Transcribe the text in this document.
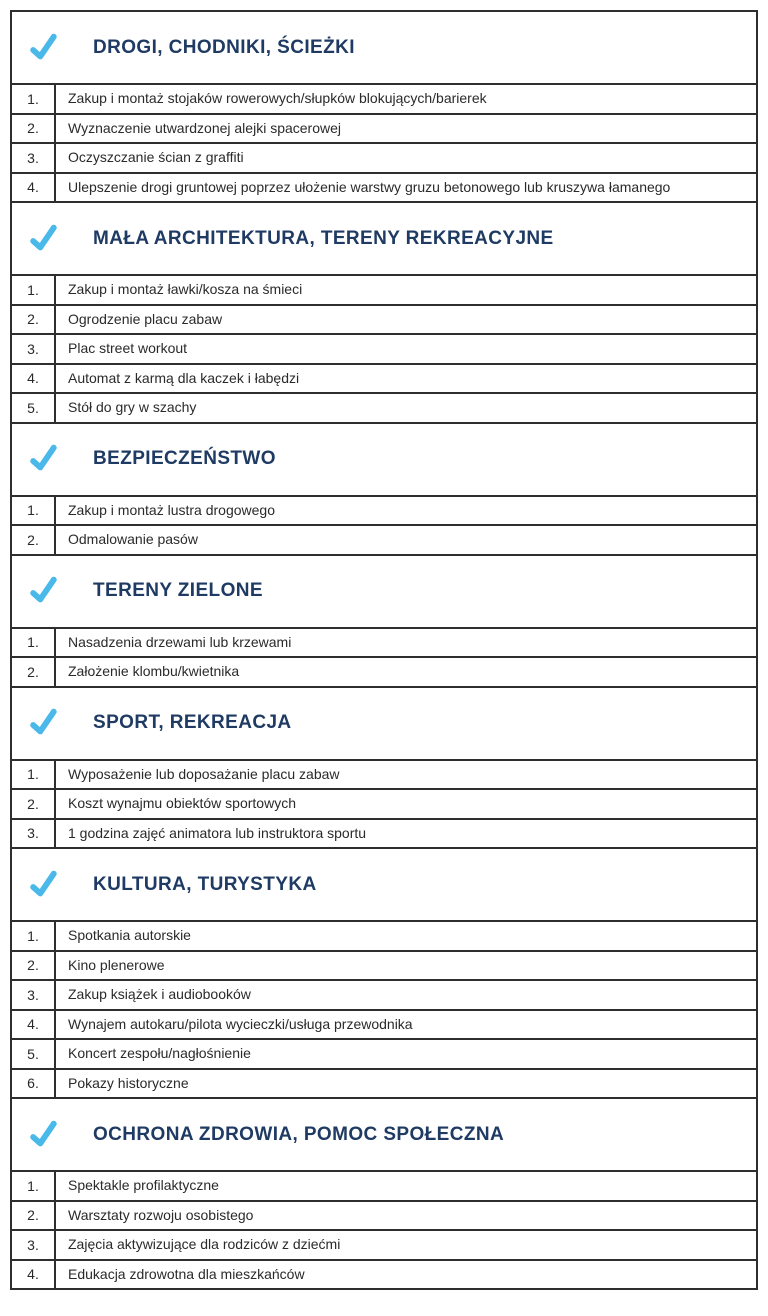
DROGI, CHODNIKI, ŚCIEŻKI
1.	Zakup i montaż stojaków rowerowych/słupków blokujących/barierek
2.	Wyznaczenie utwardzonej alejki spacerowej
3.	Oczyszczanie ścian z graffiti
4.	Ulepszenie drogi gruntowej poprzez ułożenie warstwy gruzu betonowego lub kruszywa łamanego
MAŁA ARCHITEKTURA, TERENY REKREACYJNE
1.	Zakup i montaż ławki/kosza na śmieci
2.	Ogrodzenie placu zabaw
3.	Plac street workout
4.	Automat z karmą dla kaczek i łabędzi
5.	Stół do gry w szachy
BEZPIECZEŃSTWO
1.	Zakup i montaż lustra drogowego
2.	Odmalowanie pasów
TERENY ZIELONE
1.	Nasadzenia drzewami lub krzewami
2.	Założenie klombu/kwietnika
SPORT, REKREACJA
1.	Wyposażenie lub doposażanie placu zabaw
2.	Koszt wynajmu obiektów sportowych
3.	1 godzina zajęć animatora lub instruktora sportu
KULTURA, TURYSTYKA
1.	Spotkania autorskie
2.	Kino plenerowe
3.	Zakup książek i audiobooków
4.	Wynajem autokaru/pilota wycieczki/usługa przewodnika
5.	Koncert zespołu/nagłośnienie
6.	Pokazy historyczne
OCHRONA ZDROWIA, POMOC SPOŁECZNA
1.	Spektakle profilaktyczne
2.	Warsztaty rozwoju osobistego
3.	Zajęcia aktywizujące dla rodziców z dziećmi
4.	Edukacja zdrowotna dla mieszkańców
